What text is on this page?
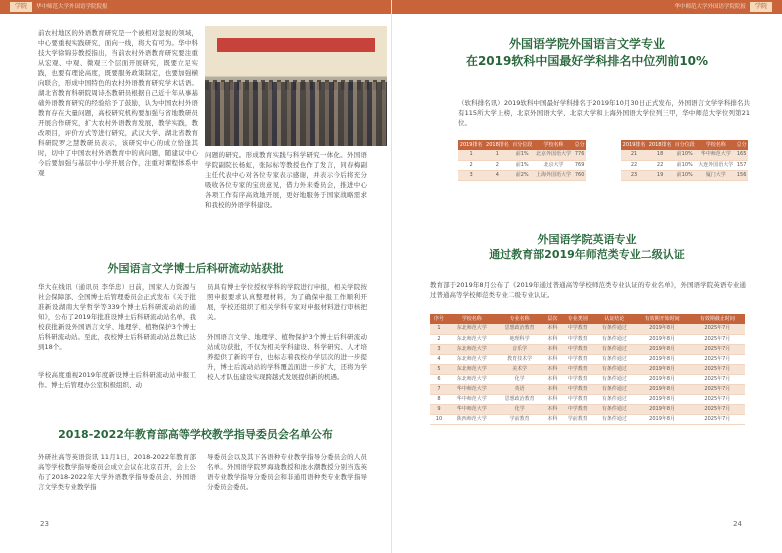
学院	华中师范大学外国语学院院报

前农村地区的外语教育研究是一个被相对忽视的领域，中心要重视实践研究，面向一线，将大有可为。华中科技大学徐锦芬教授指出，当前农村外语教育研究要注重从宏观、中观、微观三个层面开展研究，既要立足实践，也要有理论高度，既要服务政策制定，也要加强横向联合，形成中国特色的农村外语教育研究学术话语。湖北省教育科研院周诗杰教研员根据自己近十年从事基础外语教育研究的经验给予了鼓励，认为中国农村外语教育存在大量问题，高校研究机构要加强与省地教研员开展合作研究，扩大农村外语教育发展，教学实践，教改项目，评价方式等进行研究，武汉大学、湖北省教育科研院罗之慧教研员表示，该研究中心的成立恰逢其时，切中了中国农村外语教育中的真问题，随建议中心今后要加强与基层中小学开展合作，注重对课程体系中观

问题的研究。形成教育实践与科学研究一体化。外国语学院副院长杨虹，张际标等教授也作了发言，同春梅副主任代表中心对各位专家表示感谢，并表示今后将充分吸收各位专家的宝贵意见，借力外来委员会，推进中心各项工作有序高效地开展，更好地服务于国家战略需求和我校的外语学科建设。

外国语言文学博士后科研流动站获批

华大在线讯（通讯员 李华忠）日前，国家人力资源与社会保障部、全国博士后管理委员会正式发布《关于批准新设湖南大学哲学等339个博士后科研流动站的通知》，公布了2019年批准设博士后科研流动站名单，我校获批新设外国语言文学、地理学、植物保护3个博士后科研流动站。至此，我校博士后科研流动站总数已达到18个。

学校高度重视2019年度新设博士后科研流动站申报工作。博士后管理办公室积极组织、动

员具有博士学位授权学科的学院进行申报，相关学院按照申报要求认真整理材料，为了确保申报工作顺利开展，学校还组织了相关学科专家对申报材料进行审核把关。

外国语言文学、地理学、植物保护3个博士后科研流动站成功获批，不仅为相关学科建设、科学研究、人才培养提供了新的平台，也标志着我校办学层次的进一步提升，博士后流动站的学科覆盖面进一步扩大，还将为学校人才队伍建设实现跨越式发展提供新的机遇。

2018-2022年教育部高等学校教学指导委员会名单公布

外研社高等英语资讯 11月1日，2018-2022年教育部高等学校教学指导委员会成立会议在北京召开，会上公布了2018-2022年大学外语教学指导委员会、外国语言文学类专业教学指

导委员会以及其下各语种专业教学指导分委员会的人员名单。外国语学院罗海珑教授和池水潮教授分别当选英语专业教学指导分委员会和非通用语种类专业教学指导分委员会委员。

23
华中师范大学外国语学院院报	学院
外国语学院外国语言文学专业
在2019软科中国最好学科排名中位列前10%

（软科排名讯）2019软科中国最好学科排名于2019年10月30日正式发布，外国语言文学学科排名共有115所大学上榜，北京外国语大学、北京大学和上海外国语大学位列三甲，华中师范大学位列第21位。

2019排名	2018排名	百分位段	学校名称	总分
1	1	前1%	北京外国语大学	776
2	2	前1%	北京大学	769
3	4	前2%	上海外国语大学	760
2019排名	2018排名	百分位段	学校名称	总分
21	18	前10%	华中师范大学	165
22	22	前10%	大连外国语大学	157
23	19	前10%	厦门大学	156
外国语学院英语专业
通过教育部2019年师范类专业二级认证

教育部于2019年8月公布了《2019年通过普通高等学校师范类专业认证的专业名单》，外国语学院英语专业通过普通高等学校师范类专业二级专业认证。

序号	学校名称	专业名称	层次	专业类别	认证结论	有效期开始时间	有效期截止时间
1	东北师范大学	思想政治教育	本科	中学教育	有条件通过	2019年8月	2025年7月
2	东北师范大学	地理科学	本科	中学教育	有条件通过	2019年8月	2025年7月
3	东北师范大学	音乐学	本科	中学教育	有条件通过	2019年8月	2025年7月
4	东北师范大学	教育技术学	本科	中学教育	有条件通过	2019年8月	2025年7月
5	东北师范大学	美术学	本科	中学教育	有条件通过	2019年8月	2025年7月
6	东北师范大学	化学	本科	中学教育	有条件通过	2019年8月	2025年7月
7	华中师范大学	英语	本科	中学教育	有条件通过	2019年8月	2025年7月
8	华中师范大学	思想政治教育	本科	中学教育	有条件通过	2019年8月	2025年7月
9	华中师范大学	化学	本科	中学教育	有条件通过	2019年8月	2025年7月
10	陕西师范大学	学前教育	本科	学前教育	有条件通过	2019年8月	2025年7月
24
